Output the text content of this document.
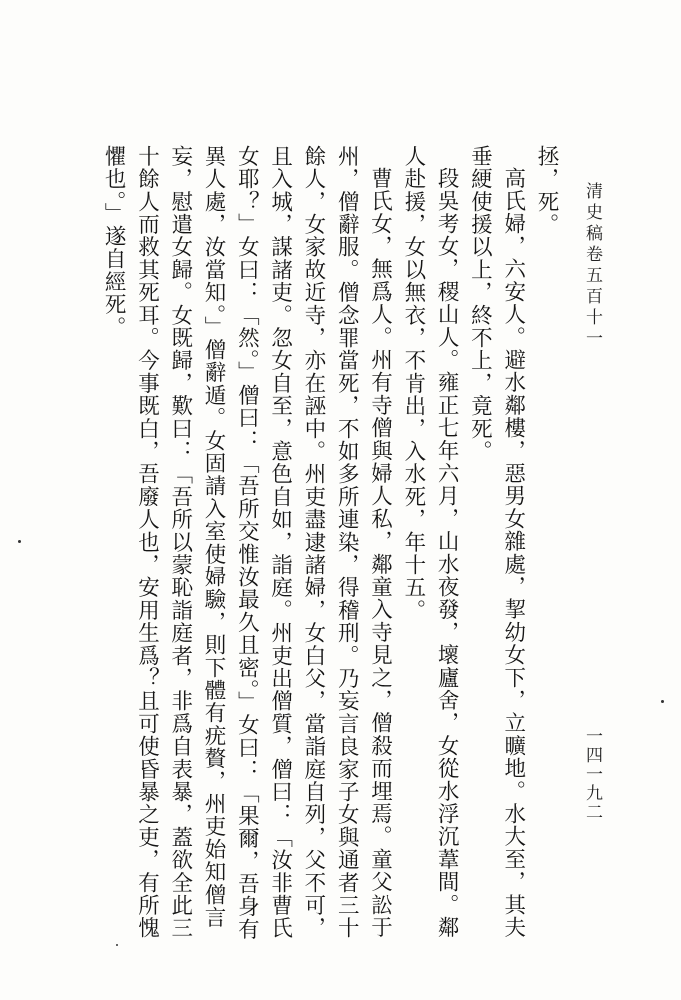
清史稿卷五百十一
一四一九二

拯，死。

高氏婦，六安人。避水鄰樓，惡男女雜處，挈幼女下，立曠地。水大至，其夫垂綆使援以上，終不上，竟死。

段吳考女，稷山人。雍正七年六月，山水夜發，壞廬舍，女從水浮沉葦間。鄰人赴援，女以無衣，不肯出，入水死，年十五。

曹氏女，無爲人。州有寺僧與婦人私，鄰童入寺見之，僧殺而埋焉。童父訟于州，僧辭服。僧念罪當死，不如多所連染，得稽刑。乃妄言良家子女與通者三十餘人，女家故近寺，亦在誣中。州吏盡逮諸婦，女白父，當詣庭自列，父不可，且入城，謀諸吏。忽女自至，意色自如，詣庭。州吏出僧質，僧曰：「汝非曹氏女耶？」女曰：「然。」僧曰：「吾所交惟汝最久且密。」女曰：「果爾，吾身有異人處，汝當知。」僧辭遁。女固請入室使婦驗，則下體有疣贅，州吏始知僧言妄，慰遣女歸。女既歸，歎曰：「吾所以蒙恥詣庭者，非爲自表暴，蓋欲全此三十餘人而救其死耳。今事既白，吾廢人也，安用生爲？且可使昏暴之吏，有所愧懼也。」遂自經死。
